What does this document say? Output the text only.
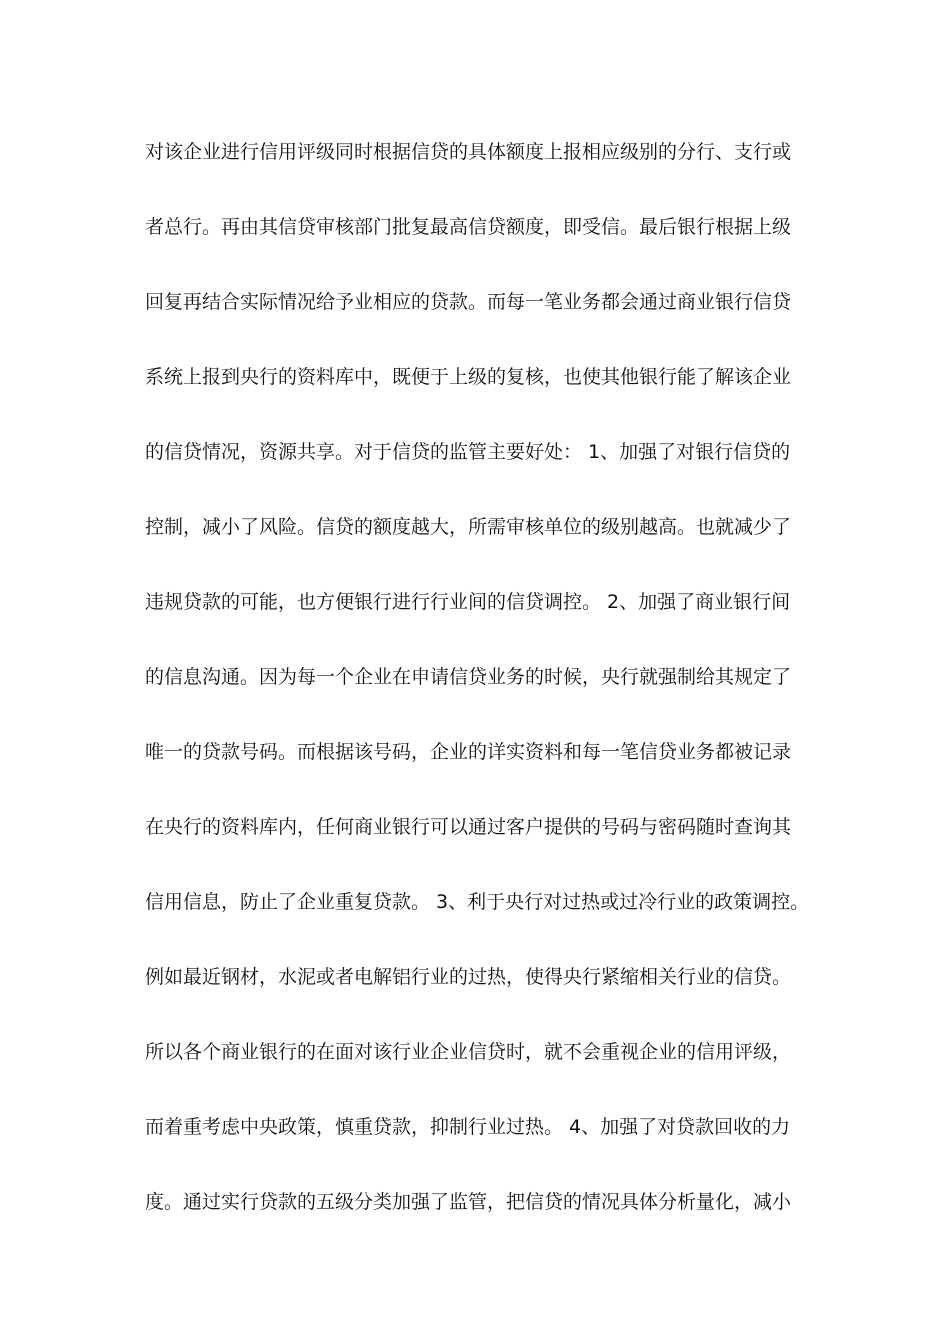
对该企业进行信用评级同时根据信贷的具体额度上报相应级别的分行、支行或
者总行。再由其信贷审核部门批复最高信贷额度，即受信。最后银行根据上级
回复再结合实际情况给予业相应的贷款。而每一笔业务都会通过商业银行信贷
系统上报到央行的资料库中，既便于上级的复核，也使其他银行能了解该企业
的信贷情况，资源共享。对于信贷的监管主要好处： 1、加强了对银行信贷的
控制，减小了风险。信贷的额度越大，所需审核单位的级别越高。也就减少了
违规贷款的可能，也方便银行进行行业间的信贷调控。 2、加强了商业银行间
的信息沟通。因为每一个企业在申请信贷业务的时候，央行就强制给其规定了
唯一的贷款号码。而根据该号码，企业的详实资料和每一笔信贷业务都被记录
在央行的资料库内，任何商业银行可以通过客户提供的号码与密码随时查询其
信用信息，防止了企业重复贷款。 3、利于央行对过热或过冷行业的政策调控。
例如最近钢材，水泥或者电解铝行业的过热，使得央行紧缩相关行业的信贷。
所以各个商业银行的在面对该行业企业信贷时，就不会重视企业的信用评级，
而着重考虑中央政策，慎重贷款，抑制行业过热。 4、加强了对贷款回收的力
度。通过实行贷款的五级分类加强了监管，把信贷的情况具体分析量化，减小
